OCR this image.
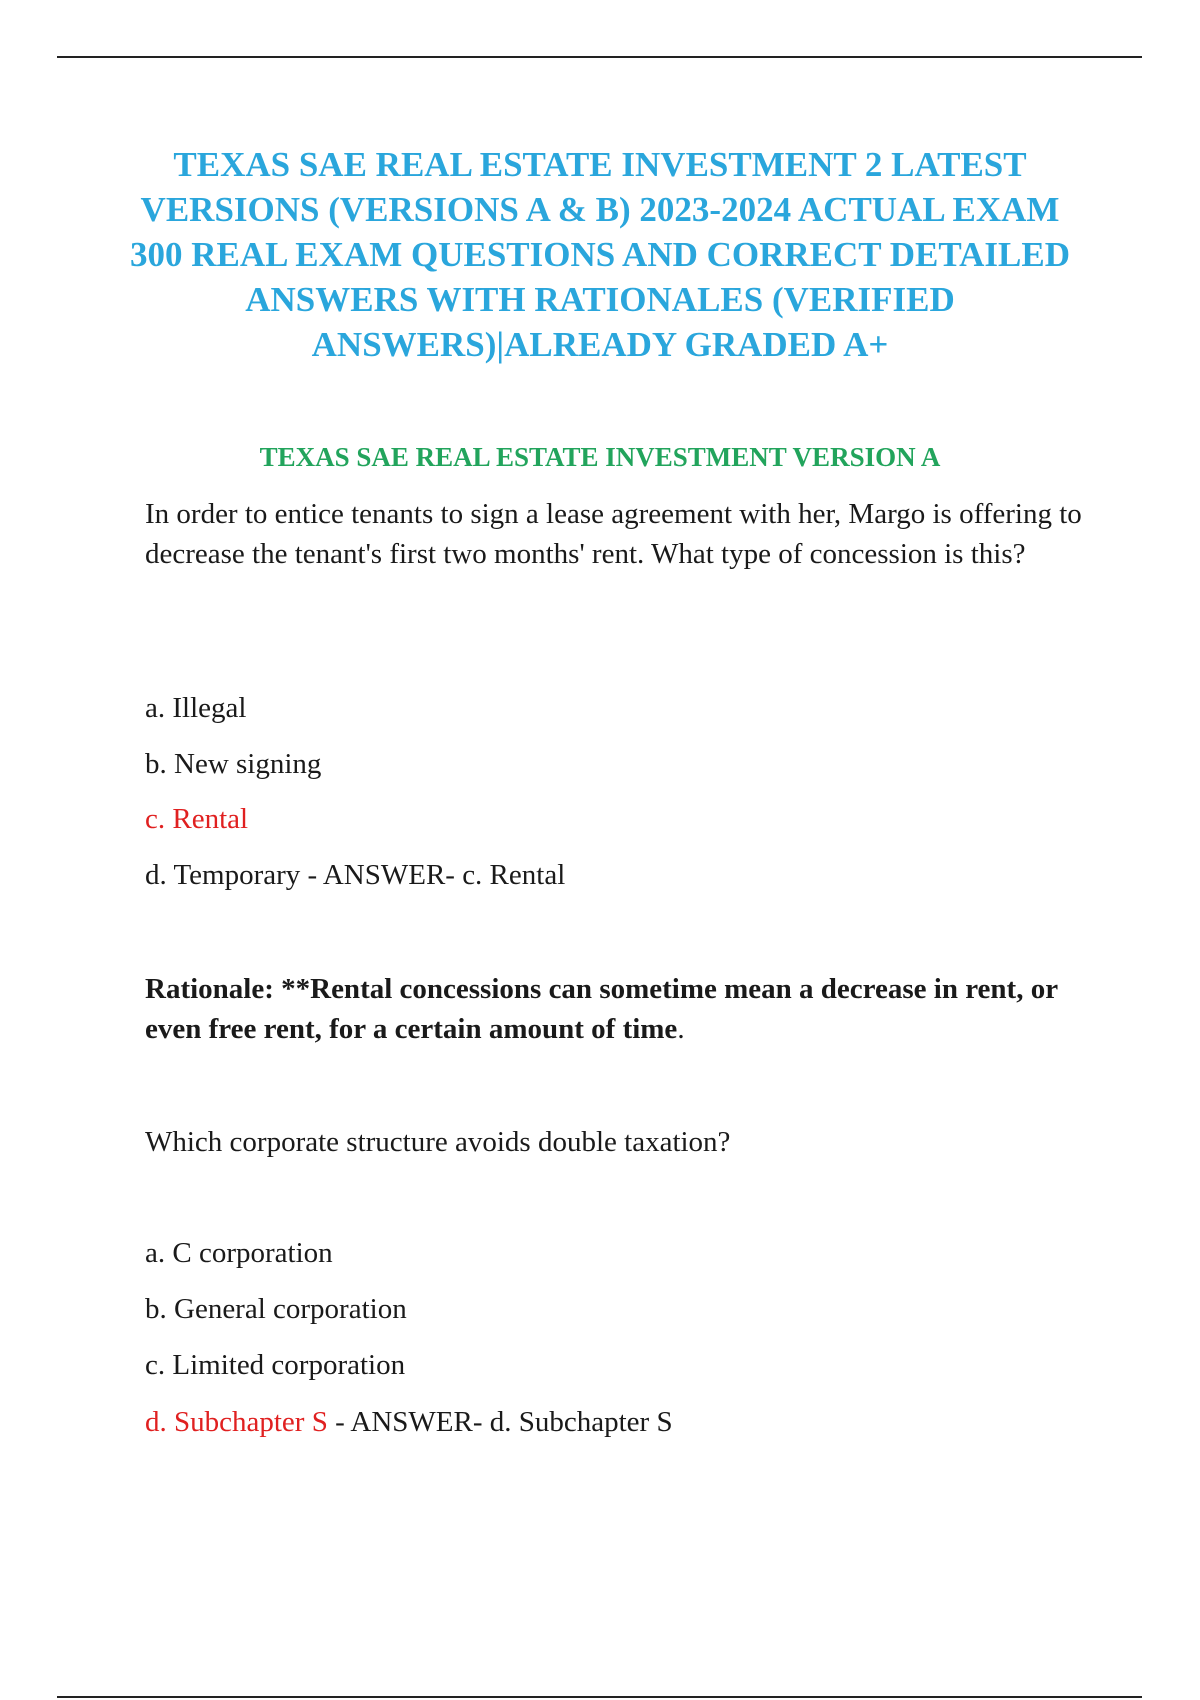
TEXAS SAE REAL ESTATE INVESTMENT 2 LATEST VERSIONS (VERSIONS A & B) 2023-2024 ACTUAL EXAM 300 REAL EXAM QUESTIONS AND CORRECT DETAILED ANSWERS WITH RATIONALES (VERIFIED ANSWERS)|ALREADY GRADED A+
TEXAS SAE REAL ESTATE INVESTMENT VERSION A
In order to entice tenants to sign a lease agreement with her, Margo is offering to decrease the tenant's first two months' rent. What type of concession is this?
a. Illegal
b. New signing
c. Rental
d. Temporary - ANSWER- c. Rental
Rationale: **Rental concessions can sometime mean a decrease in rent, or even free rent, for a certain amount of time.
Which corporate structure avoids double taxation?
a. C corporation
b. General corporation
c. Limited corporation
d. Subchapter S - ANSWER- d. Subchapter S
